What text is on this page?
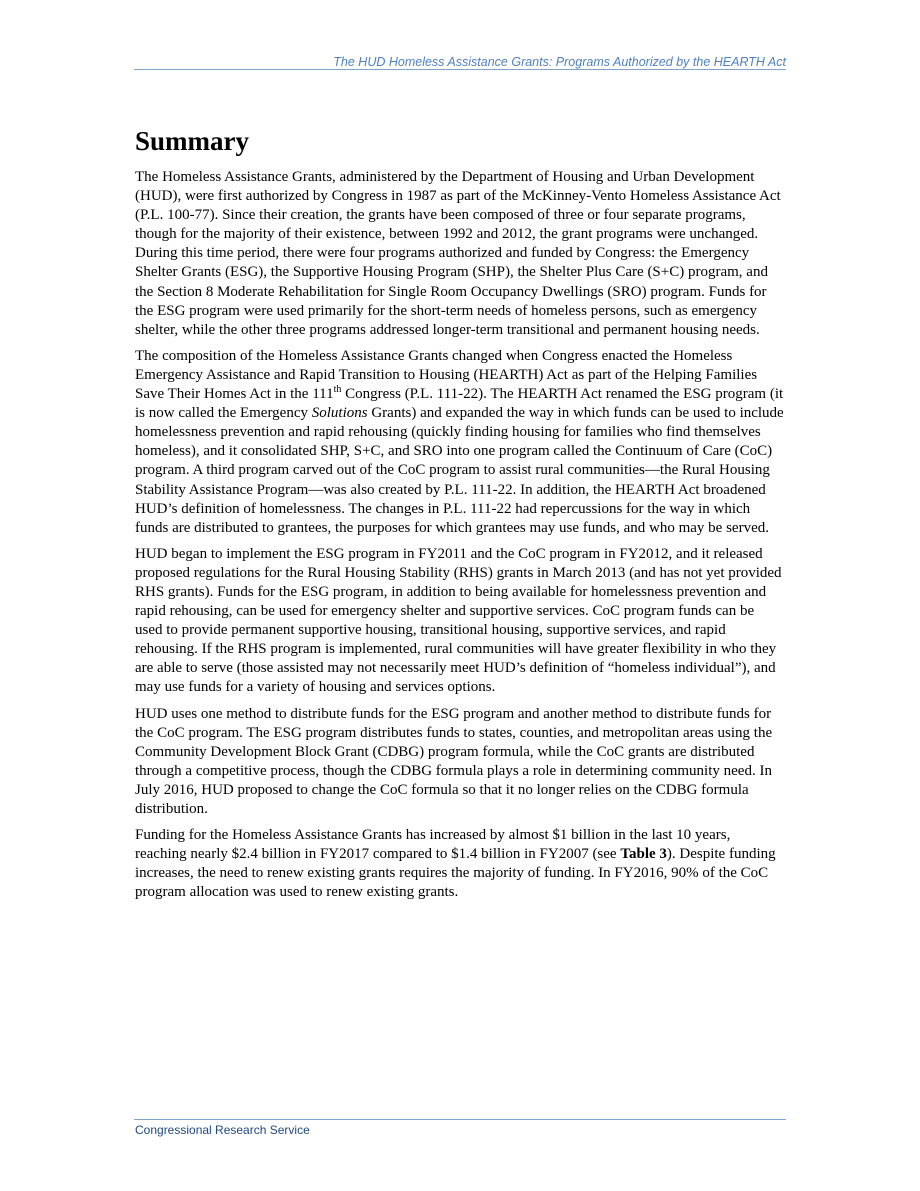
The HUD Homeless Assistance Grants: Programs Authorized by the HEARTH Act
Summary

The Homeless Assistance Grants, administered by the Department of Housing and Urban Development (HUD), were first authorized by Congress in 1987 as part of the McKinney-Vento Homeless Assistance Act (P.L. 100-77). Since their creation, the grants have been composed of three or four separate programs, though for the majority of their existence, between 1992 and 2012, the grant programs were unchanged. During this time period, there were four programs authorized and funded by Congress: the Emergency Shelter Grants (ESG), the Supportive Housing Program (SHP), the Shelter Plus Care (S+C) program, and the Section 8 Moderate Rehabilitation for Single Room Occupancy Dwellings (SRO) program. Funds for the ESG program were used primarily for the short-term needs of homeless persons, such as emergency shelter, while the other three programs addressed longer-term transitional and permanent housing needs.

The composition of the Homeless Assistance Grants changed when Congress enacted the Homeless Emergency Assistance and Rapid Transition to Housing (HEARTH) Act as part of the Helping Families Save Their Homes Act in the 111th Congress (P.L. 111-22). The HEARTH Act renamed the ESG program (it is now called the Emergency Solutions Grants) and expanded the way in which funds can be used to include homelessness prevention and rapid rehousing (quickly finding housing for families who find themselves homeless), and it consolidated SHP, S+C, and SRO into one program called the Continuum of Care (CoC) program. A third program carved out of the CoC program to assist rural communities—the Rural Housing Stability Assistance Program—was also created by P.L. 111-22. In addition, the HEARTH Act broadened HUD’s definition of homelessness. The changes in P.L. 111-22 had repercussions for the way in which funds are distributed to grantees, the purposes for which grantees may use funds, and who may be served.

HUD began to implement the ESG program in FY2011 and the CoC program in FY2012, and it released proposed regulations for the Rural Housing Stability (RHS) grants in March 2013 (and has not yet provided RHS grants). Funds for the ESG program, in addition to being available for homelessness prevention and rapid rehousing, can be used for emergency shelter and supportive services. CoC program funds can be used to provide permanent supportive housing, transitional housing, supportive services, and rapid rehousing. If the RHS program is implemented, rural communities will have greater flexibility in who they are able to serve (those assisted may not necessarily meet HUD’s definition of “homeless individual”), and may use funds for a variety of housing and services options.

HUD uses one method to distribute funds for the ESG program and another method to distribute funds for the CoC program. The ESG program distributes funds to states, counties, and metropolitan areas using the Community Development Block Grant (CDBG) program formula, while the CoC grants are distributed through a competitive process, though the CDBG formula plays a role in determining community need. In July 2016, HUD proposed to change the CoC formula so that it no longer relies on the CDBG formula distribution.

Funding for the Homeless Assistance Grants has increased by almost $1 billion in the last 10 years, reaching nearly $2.4 billion in FY2017 compared to $1.4 billion in FY2007 (see Table 3). Despite funding increases, the need to renew existing grants requires the majority of funding. In FY2016, 90% of the CoC program allocation was used to renew existing grants.

Congressional Research Service
